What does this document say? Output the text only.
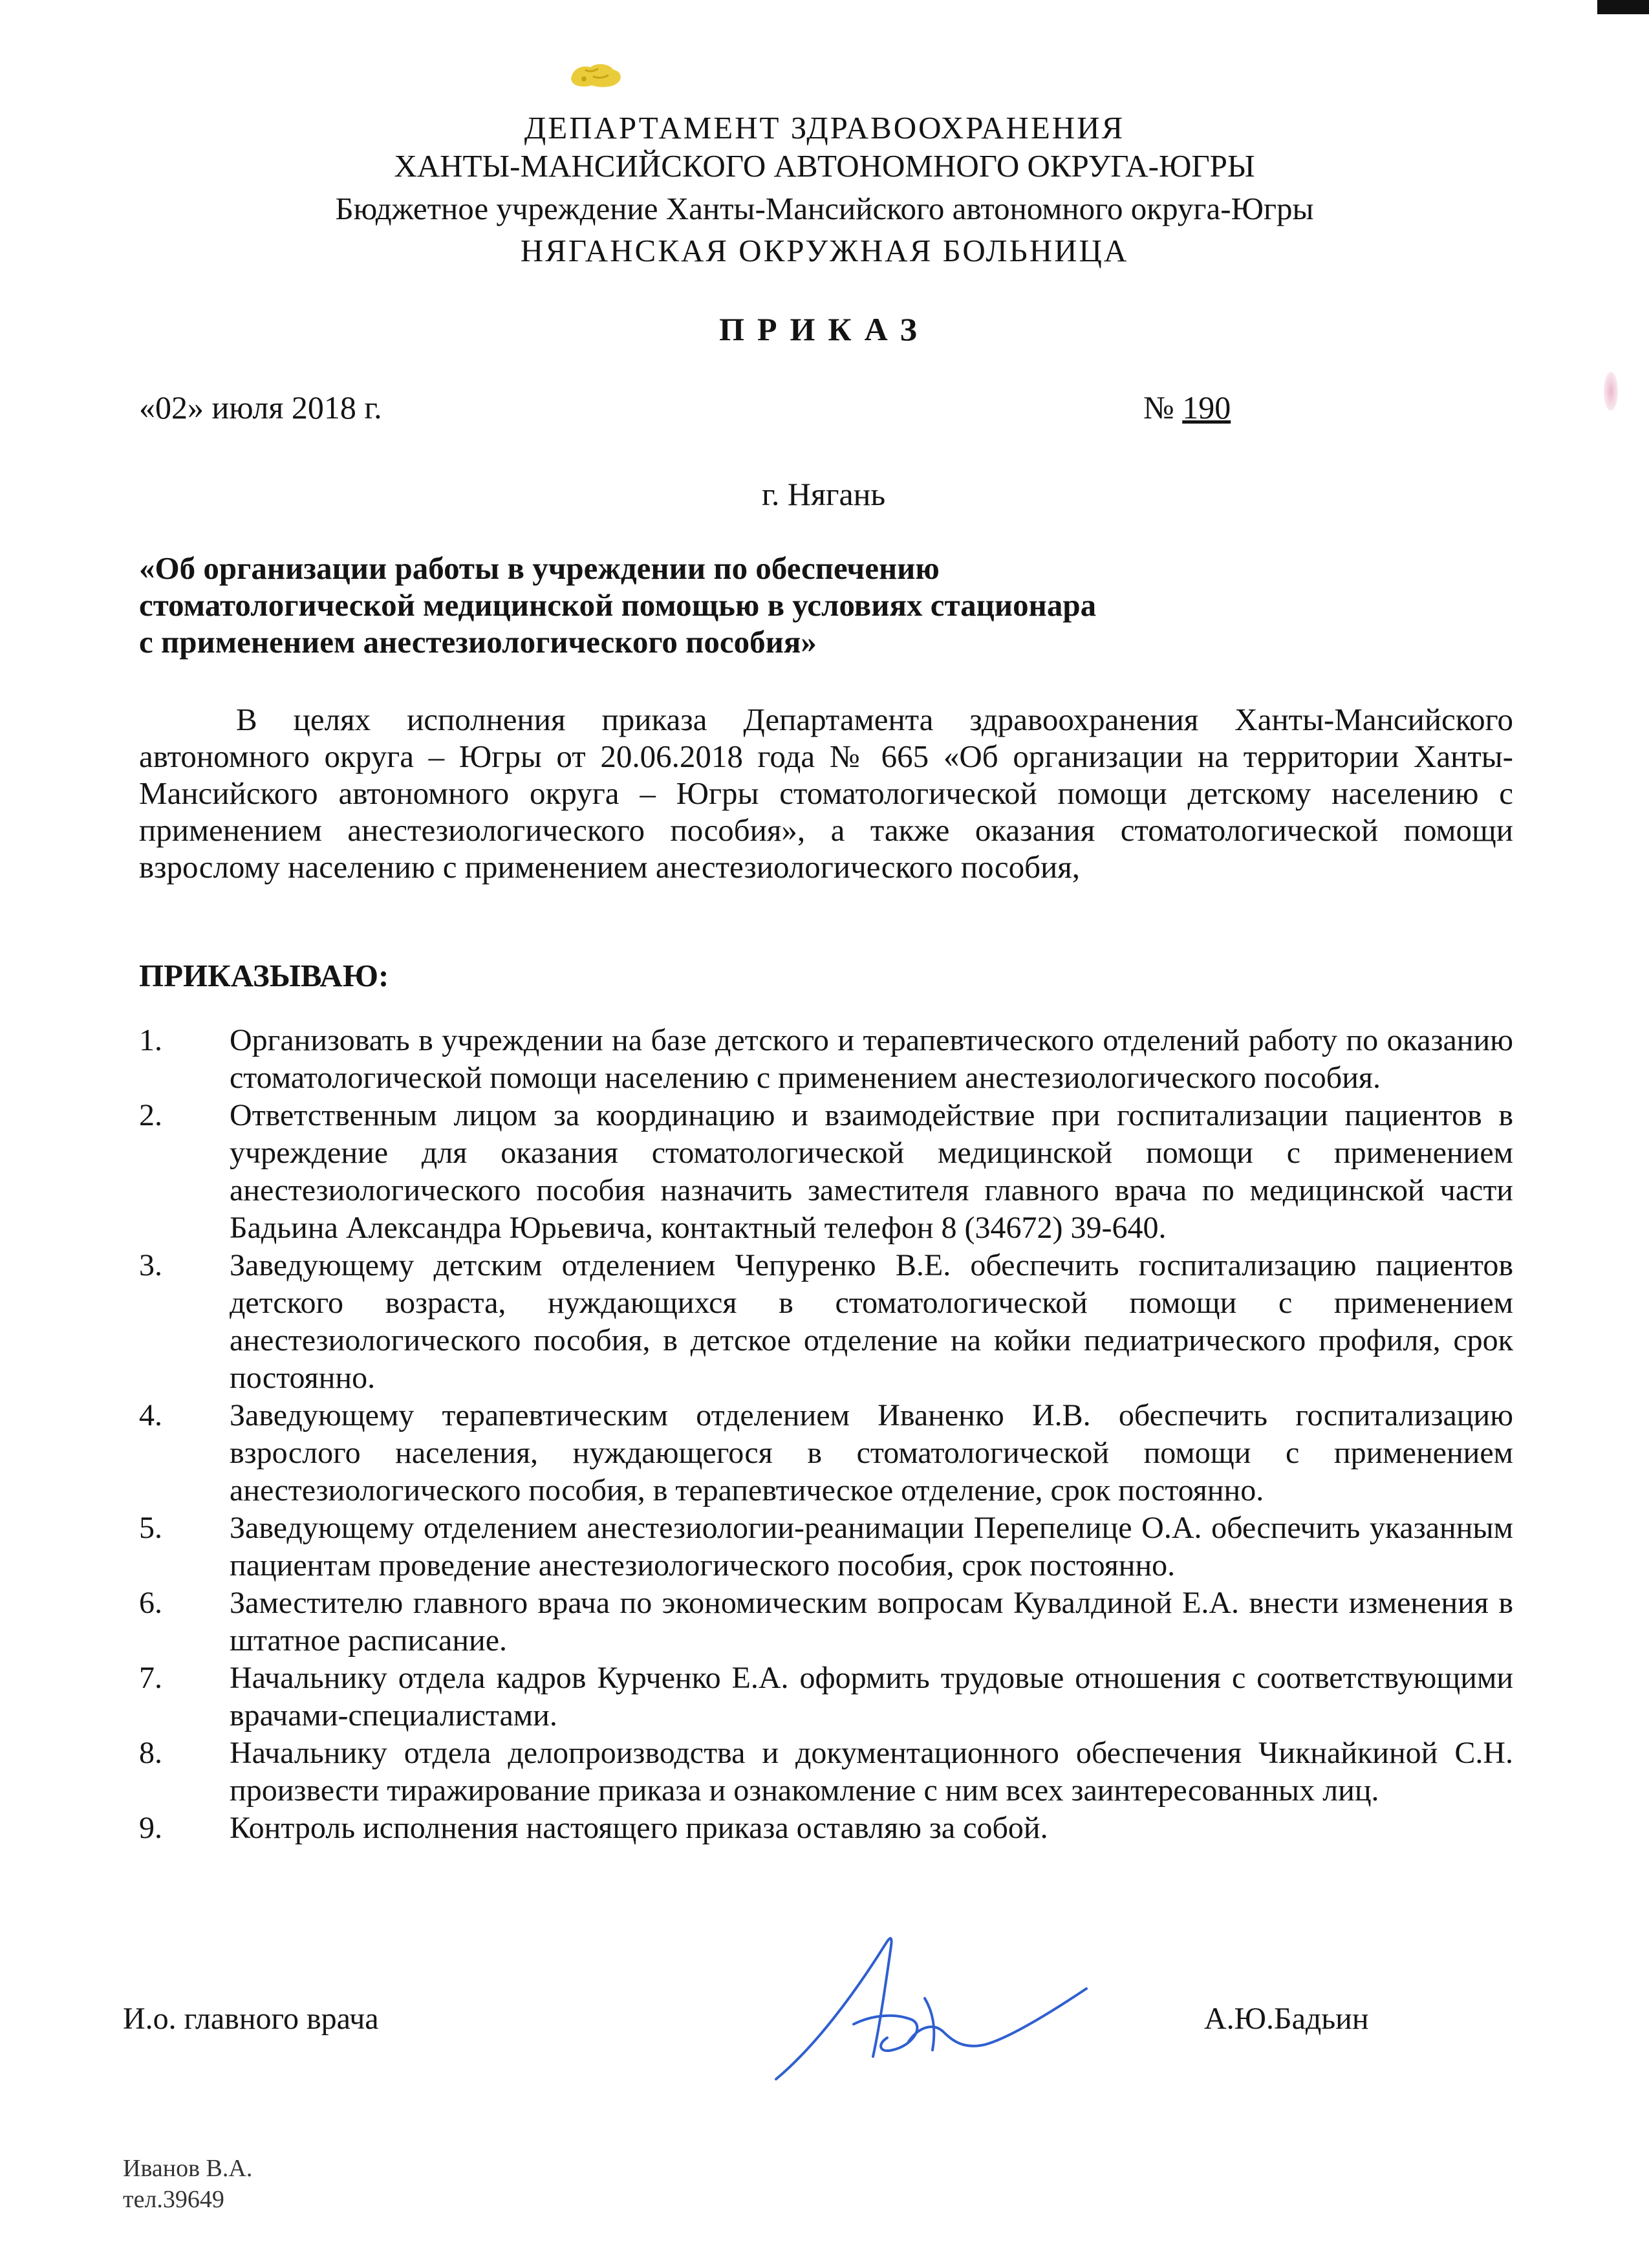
ДЕПАРТАМЕНТ ЗДРАВООХРАНЕНИЯ
ХАНТЫ-МАНСИЙСКОГО АВТОНОМНОГО ОКРУГА-ЮГРЫ
Бюджетное учреждение Ханты-Мансийского автономного округа-Югры
НЯГАНСКАЯ ОКРУЖНАЯ БОЛЬНИЦА
ПРИКАЗ
«02» июля 2018 г.	№ 190
г. Нягань
«Об организации работы в учреждении по обеспечению
стоматологической медицинской помощью в условиях стационара
с применением анестезиологического пособия»
В целях исполнения приказа Департамента здравоохранения Ханты-Мансийского автономного округа – Югры от 20.06.2018 года № 665 «Об организации на территории Ханты-Мансийского автономного округа – Югры стоматологической помощи детскому населению с применением анестезиологического пособия», а также оказания стоматологической помощи взрослому населению с применением анестезиологического пособия,
ПРИКАЗЫВАЮ:
1.	Организовать в учреждении на базе детского и терапевтического отделений работу по оказанию стоматологической помощи населению с применением анестезиологического пособия.
2.	Ответственным лицом за координацию и взаимодействие при госпитализации пациентов в учреждение для оказания стоматологической медицинской помощи с применением анестезиологического пособия назначить заместителя главного врача по медицинской части Бадьина Александра Юрьевича, контактный телефон 8 (34672) 39-640.
3.	Заведующему детским отделением Чепуренко В.Е. обеспечить госпитализацию пациентов детского возраста, нуждающихся в стоматологической помощи с применением анестезиологического пособия, в детское отделение на койки педиатрического профиля, срок постоянно.
4.	Заведующему терапевтическим отделением Иваненко И.В. обеспечить госпитализацию взрослого населения, нуждающегося в стоматологической помощи с применением анестезиологического пособия, в терапевтическое отделение, срок постоянно.
5.	Заведующему отделением анестезиологии-реанимации Перепелице О.А. обеспечить указанным пациентам проведение анестезиологического пособия, срок постоянно.
6.	Заместителю главного врача по экономическим вопросам Кувалдиной Е.А. внести изменения в штатное расписание.
7.	Начальнику отдела кадров Курченко Е.А. оформить трудовые отношения с соответствующими врачами-специалистами.
8.	Начальнику отдела делопроизводства и документационного обеспечения Чикнайкиной С.Н. произвести тиражирование приказа и ознакомление с ним всех заинтересованных лиц.
9.	Контроль исполнения настоящего приказа оставляю за собой.
И.о. главного врача	А.Ю.Бадьин
Иванов В.А.
тел.39649
